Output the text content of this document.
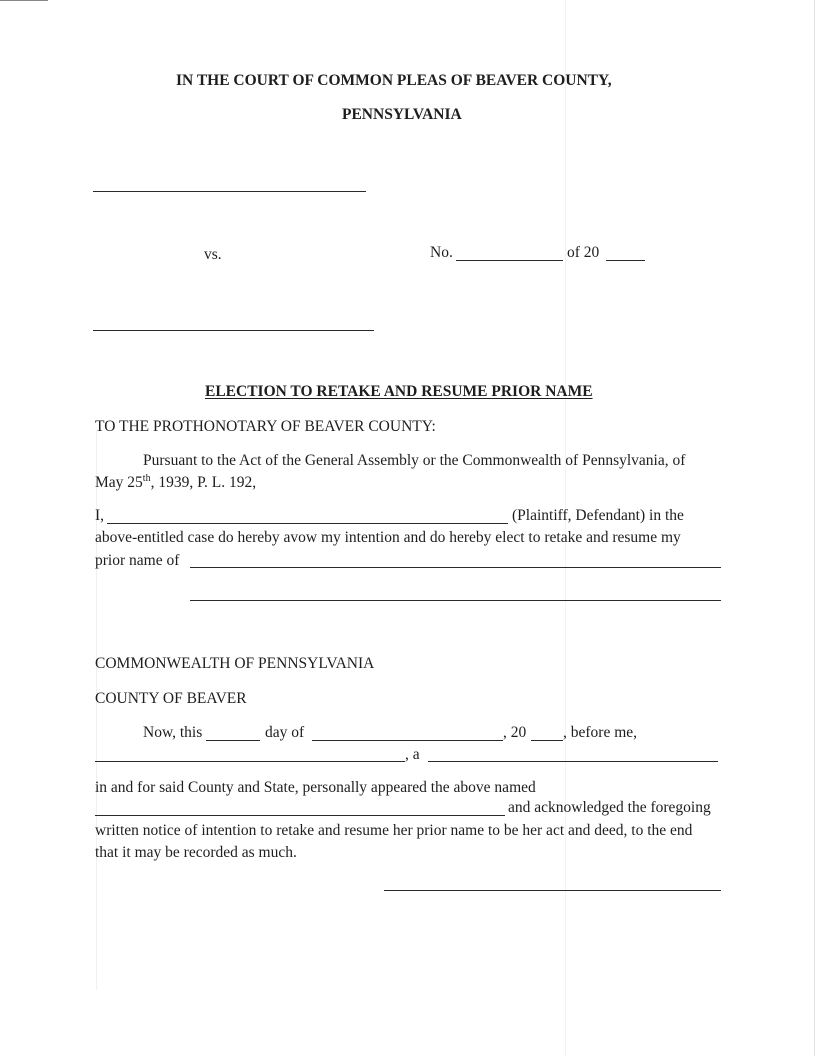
IN THE COURT OF COMMON PLEAS OF BEAVER COUNTY,
PENNSYLVANIA
vs.	No.	of 20
ELECTION TO RETAKE AND RESUME PRIOR NAME
TO THE PROTHONOTARY OF BEAVER COUNTY:
Pursuant to the Act of the General Assembly or the Commonwealth of Pennsylvania, of
May 25th, 1939, P. L. 192,
I,	(Plaintiff, Defendant) in the
above-entitled case do hereby avow my intention and do hereby elect to retake and resume my
prior name of
COMMONWEALTH OF PENNSYLVANIA
COUNTY OF BEAVER
Now, this	day of	, 20 , before me,
, a
in and for said County and State, personally appeared the above named
and acknowledged the foregoing
written notice of intention to retake and resume her prior name to be her act and deed, to the end
that it may be recorded as much.
